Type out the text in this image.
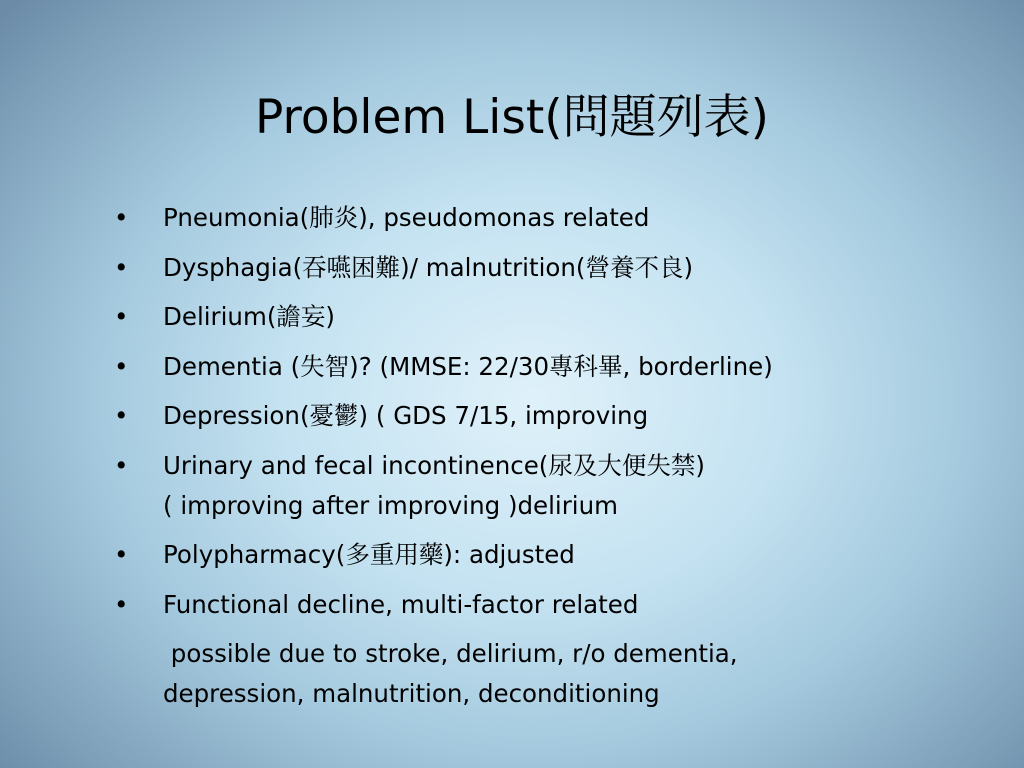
Problem List(問題列表)
• Pneumonia(肺炎), pseudomonas related
• Dysphagia(吞嚥困難)/ malnutrition(營養不良)
• Delirium(譫妄)
• Dementia (失智)? (MMSE: 22/30專科畢, borderline)
• Depression(憂鬱) ( GDS 7/15, improving
• Urinary and fecal incontinence(尿及大便失禁)
( improving after improving )delirium
• Polypharmacy(多重用藥): adjusted
• Functional decline, multi-factor related
possible due to stroke, delirium, r/o dementia,
depression, malnutrition, deconditioning
